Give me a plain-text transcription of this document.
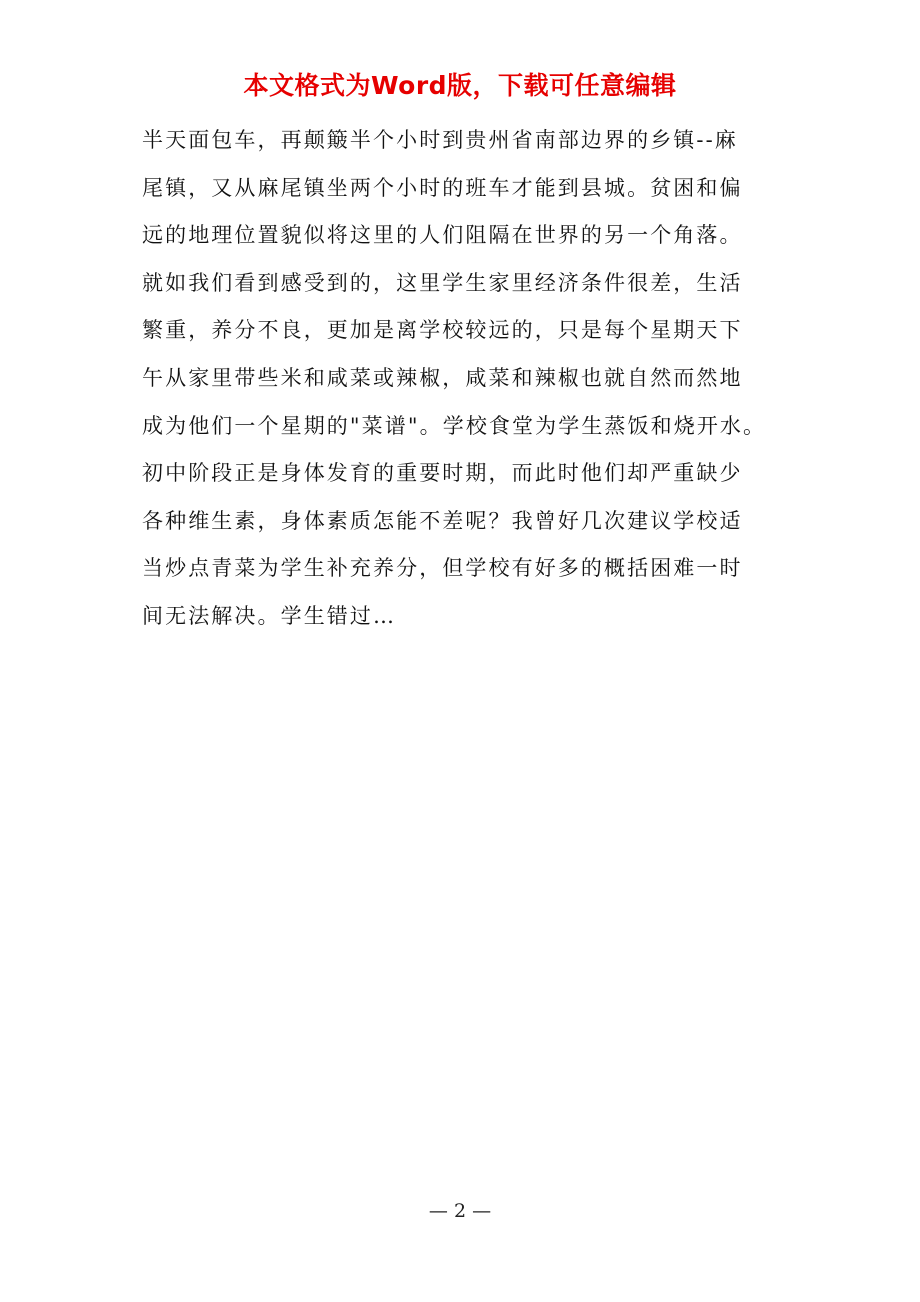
本文格式为Word版，下载可任意编辑
半天面包车，再颠簸半个小时到贵州省南部边界的乡镇--麻
尾镇，又从麻尾镇坐两个小时的班车才能到县城。贫困和偏
远的地理位置貌似将这里的人们阻隔在世界的另一个角落。
就如我们看到感受到的，这里学生家里经济条件很差，生活
繁重，养分不良，更加是离学校较远的，只是每个星期天下
午从家里带些米和咸菜或辣椒，咸菜和辣椒也就自然而然地
成为他们一个星期的"菜谱"。学校食堂为学生蒸饭和烧开水。
初中阶段正是身体发育的重要时期，而此时他们却严重缺少
各种维生素，身体素质怎能不差呢？我曾好几次建议学校适
当炒点青菜为学生补充养分，但学校有好多的概括困难一时
间无法解决。学生错过…
— 2 —
